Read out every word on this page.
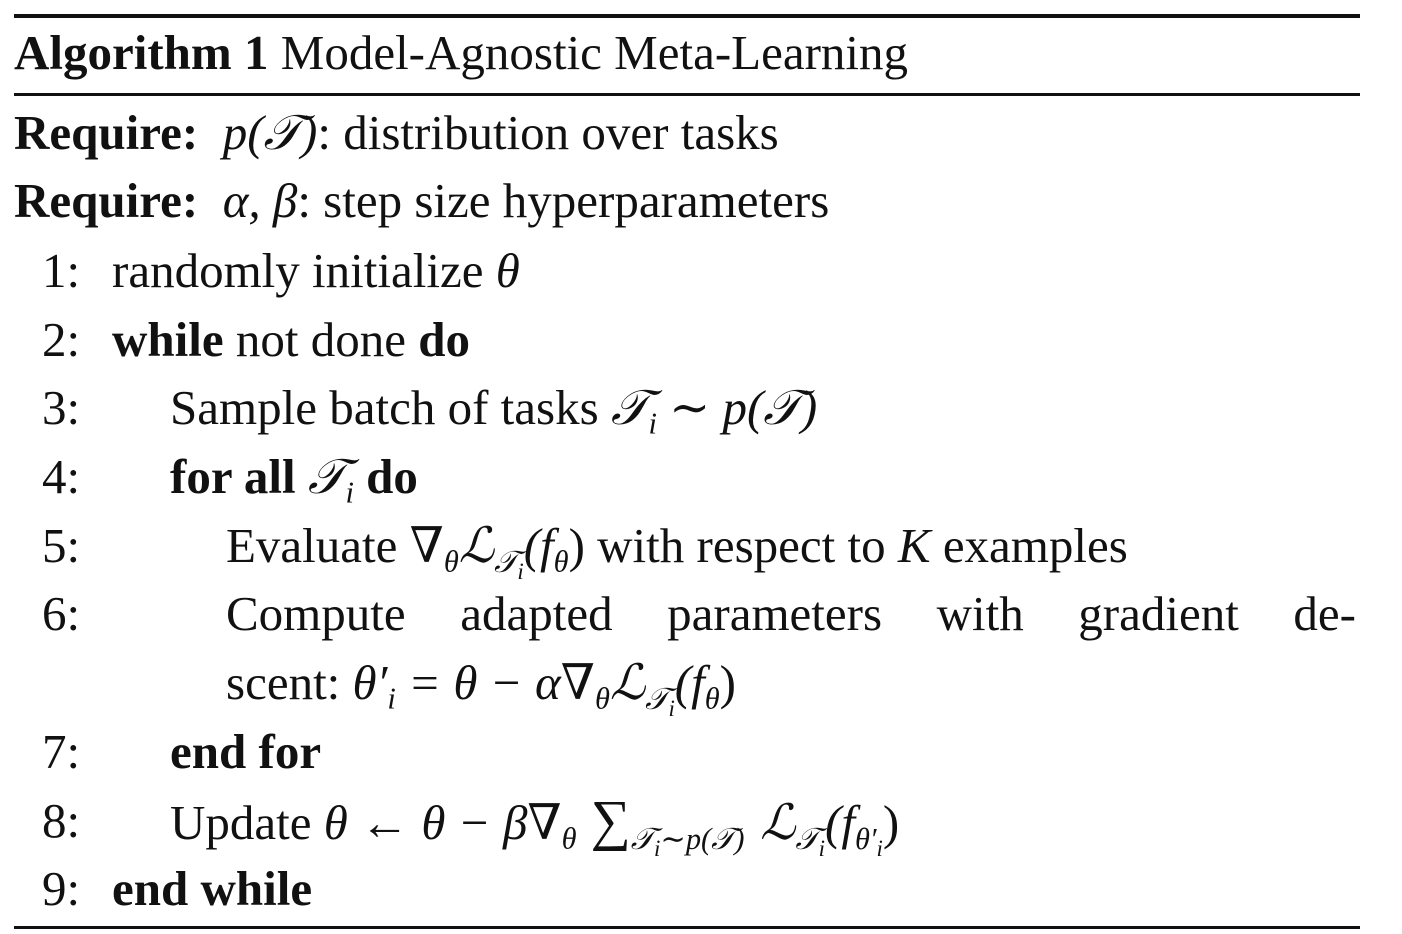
Algorithm 1 Model-Agnostic Meta-Learning
Require: p(𝒯): distribution over tasks
Require: α, β: step size hyperparameters
1: randomly initialize θ
2: while not done do
3: Sample batch of tasks 𝒯$_i$ ∼ p(𝒯)
4: for all 𝒯$_i$ do
5:	Evaluate $\nabla_\theta ℒ_{𝒯_i}(f_\theta)$ with respect to K examples
6:	Compute adapted parameters with gradient de-
scent: $\theta'_i = \theta$ − $\alpha\nabla_\theta ℒ_{𝒯_i}(f_\theta)$
7: end for
8: Update θ ← $\theta - \beta\nabla_\theta$ $\sum_{𝒯_i\sim p(𝒯)}$ $ℒ_{𝒯_i}(f_{\theta'_i})$
9: end while
